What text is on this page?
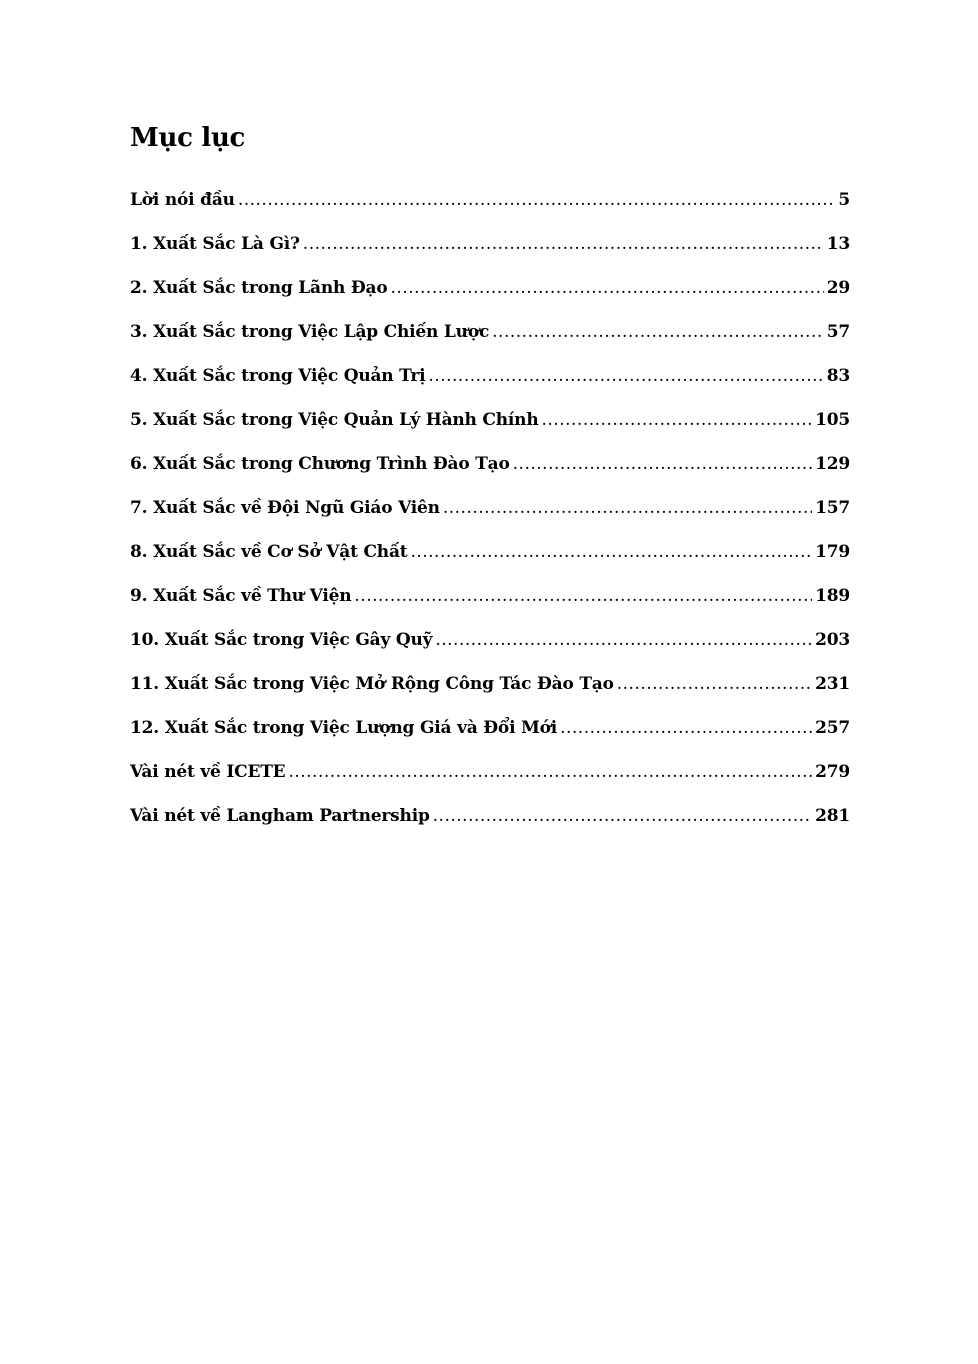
Mục lục
Lời nói đầu .....	5
1. Xuất Sắc Là Gì? .....	13
2. Xuất Sắc trong Lãnh Đạo .....	29
3. Xuất Sắc trong Việc Lập Chiến Lược .....	57
4. Xuất Sắc trong Việc Quản Trị .....	83
5. Xuất Sắc trong Việc Quản Lý Hành Chính .....	105
6. Xuất Sắc trong Chương Trình Đào Tạo .....	129
7. Xuất Sắc về Đội Ngũ Giáo Viên .....	157
8. Xuất Sắc về Cơ Sở Vật Chất .....	179
9. Xuất Sắc về Thư Viện .....	189
10. Xuất Sắc trong Việc Gây Quỹ .....	203
11. Xuất Sắc trong Việc Mở Rộng Công Tác Đào Tạo .....	231
12. Xuất Sắc trong Việc Lượng Giá và Đổi Mới .....	257
Vài nét về ICETE .....	279
Vài nét về Langham Partnership .....	281
